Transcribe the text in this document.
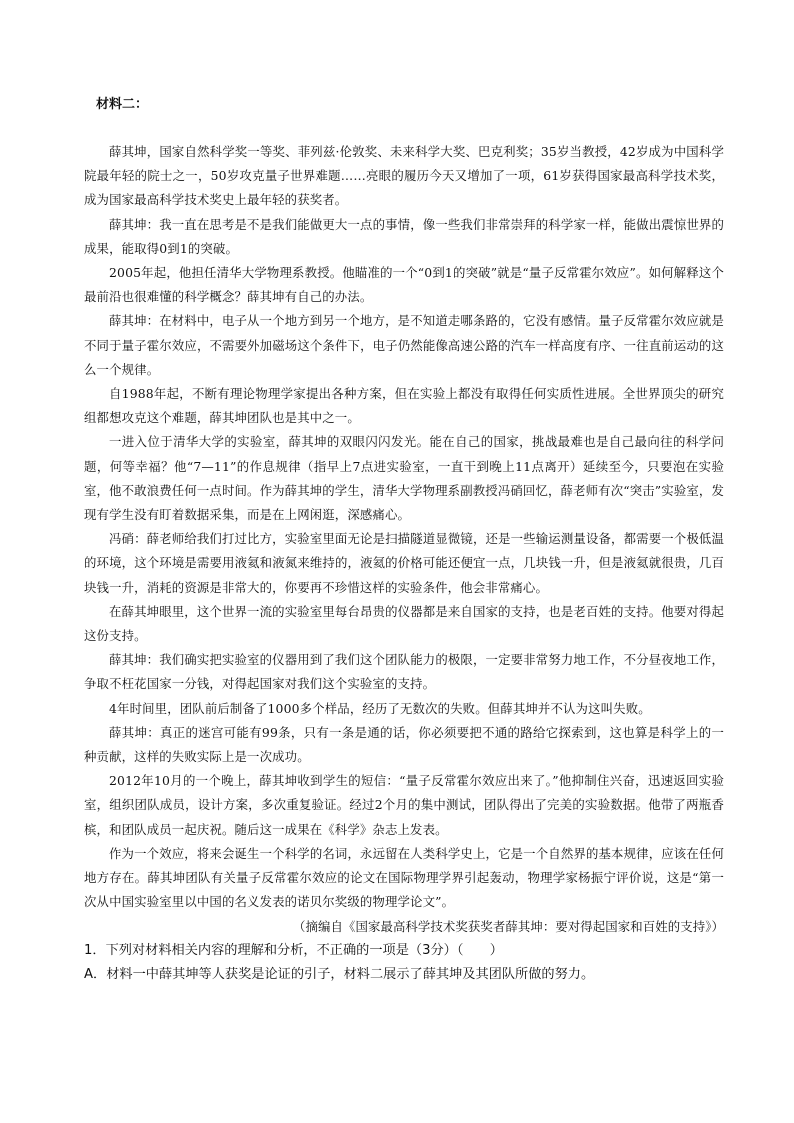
材料二：

薛其坤，国家自然科学奖一等奖、菲列兹·伦敦奖、未来科学大奖、巴克利奖；35岁当教授，42岁成为中国科学院最年轻的院士之一，50岁攻克量子世界难题……亮眼的履历今天又增加了一项，61岁获得国家最高科学技术奖，成为国家最高科学技术奖史上最年轻的获奖者。

薛其坤：我一直在思考是不是我们能做更大一点的事情，像一些我们非常崇拜的科学家一样，能做出震惊世界的成果，能取得0到1的突破。

2005年起，他担任清华大学物理系教授。他瞄准的一个“0到1的突破”就是“量子反常霍尔效应”。如何解释这个最前沿也很难懂的科学概念？薛其坤有自己的办法。

薛其坤：在材料中，电子从一个地方到另一个地方，是不知道走哪条路的，它没有感情。量子反常霍尔效应就是不同于量子霍尔效应，不需要外加磁场这个条件下，电子仍然能像高速公路的汽车一样高度有序、一往直前运动的这么一个规律。

自1988年起，不断有理论物理学家提出各种方案，但在实验上都没有取得任何实质性进展。全世界顶尖的研究组都想攻克这个难题，薛其坤团队也是其中之一。

一进入位于清华大学的实验室，薛其坤的双眼闪闪发光。能在自己的国家，挑战最难也是自己最向往的科学问题，何等幸福？他“7—11”的作息规律（指早上7点进实验室，一直干到晚上11点离开）延续至今，只要泡在实验室，他不敢浪费任何一点时间。作为薛其坤的学生，清华大学物理系副教授冯硝回忆，薛老师有次“突击”实验室，发现有学生没有盯着数据采集，而是在上网闲逛，深感痛心。

冯硝：薛老师给我们打过比方，实验室里面无论是扫描隧道显微镜，还是一些输运测量设备，都需要一个极低温的环境，这个环境是需要用液氦和液氮来维持的，液氦的价格可能还便宜一点，几块钱一升，但是液氦就很贵，几百块钱一升，消耗的资源是非常大的，你要再不珍惜这样的实验条件，他会非常痛心。

在薛其坤眼里，这个世界一流的实验室里每台昂贵的仪器都是来自国家的支持，也是老百姓的支持。他要对得起这份支持。

薛其坤：我们确实把实验室的仪器用到了我们这个团队能力的极限，一定要非常努力地工作，不分昼夜地工作，争取不枉花国家一分钱，对得起国家对我们这个实验室的支持。

4年时间里，团队前后制备了1000多个样品，经历了无数次的失败。但薛其坤并不认为这叫失败。

薛其坤：真正的迷宫可能有99条，只有一条是通的话，你必须要把不通的路给它探索到，这也算是科学上的一种贡献，这样的失败实际上是一次成功。

2012年10月的一个晚上，薛其坤收到学生的短信：“量子反常霍尔效应出来了。”他抑制住兴奋，迅速返回实验室，组织团队成员，设计方案，多次重复验证。经过2个月的集中测试，团队得出了完美的实验数据。他带了两瓶香槟，和团队成员一起庆祝。随后这一成果在《科学》杂志上发表。

作为一个效应，将来会诞生一个科学的名词，永远留在人类科学史上，它是一个自然界的基本规律，应该在任何地方存在。薛其坤团队有关量子反常霍尔效应的论文在国际物理学界引起轰动，物理学家杨振宁评价说，这是“第一次从中国实验室里以中国的名义发表的诺贝尔奖级的物理学论文”。

（摘编自《国家最高科学技术奖获奖者薛其坤：要对得起国家和百姓的支持》）

1．下列对材料相关内容的理解和分析，不正确的一项是（3分）（　　）

A．材料一中薛其坤等人获奖是论证的引子，材料二展示了薛其坤及其团队所做的努力。
